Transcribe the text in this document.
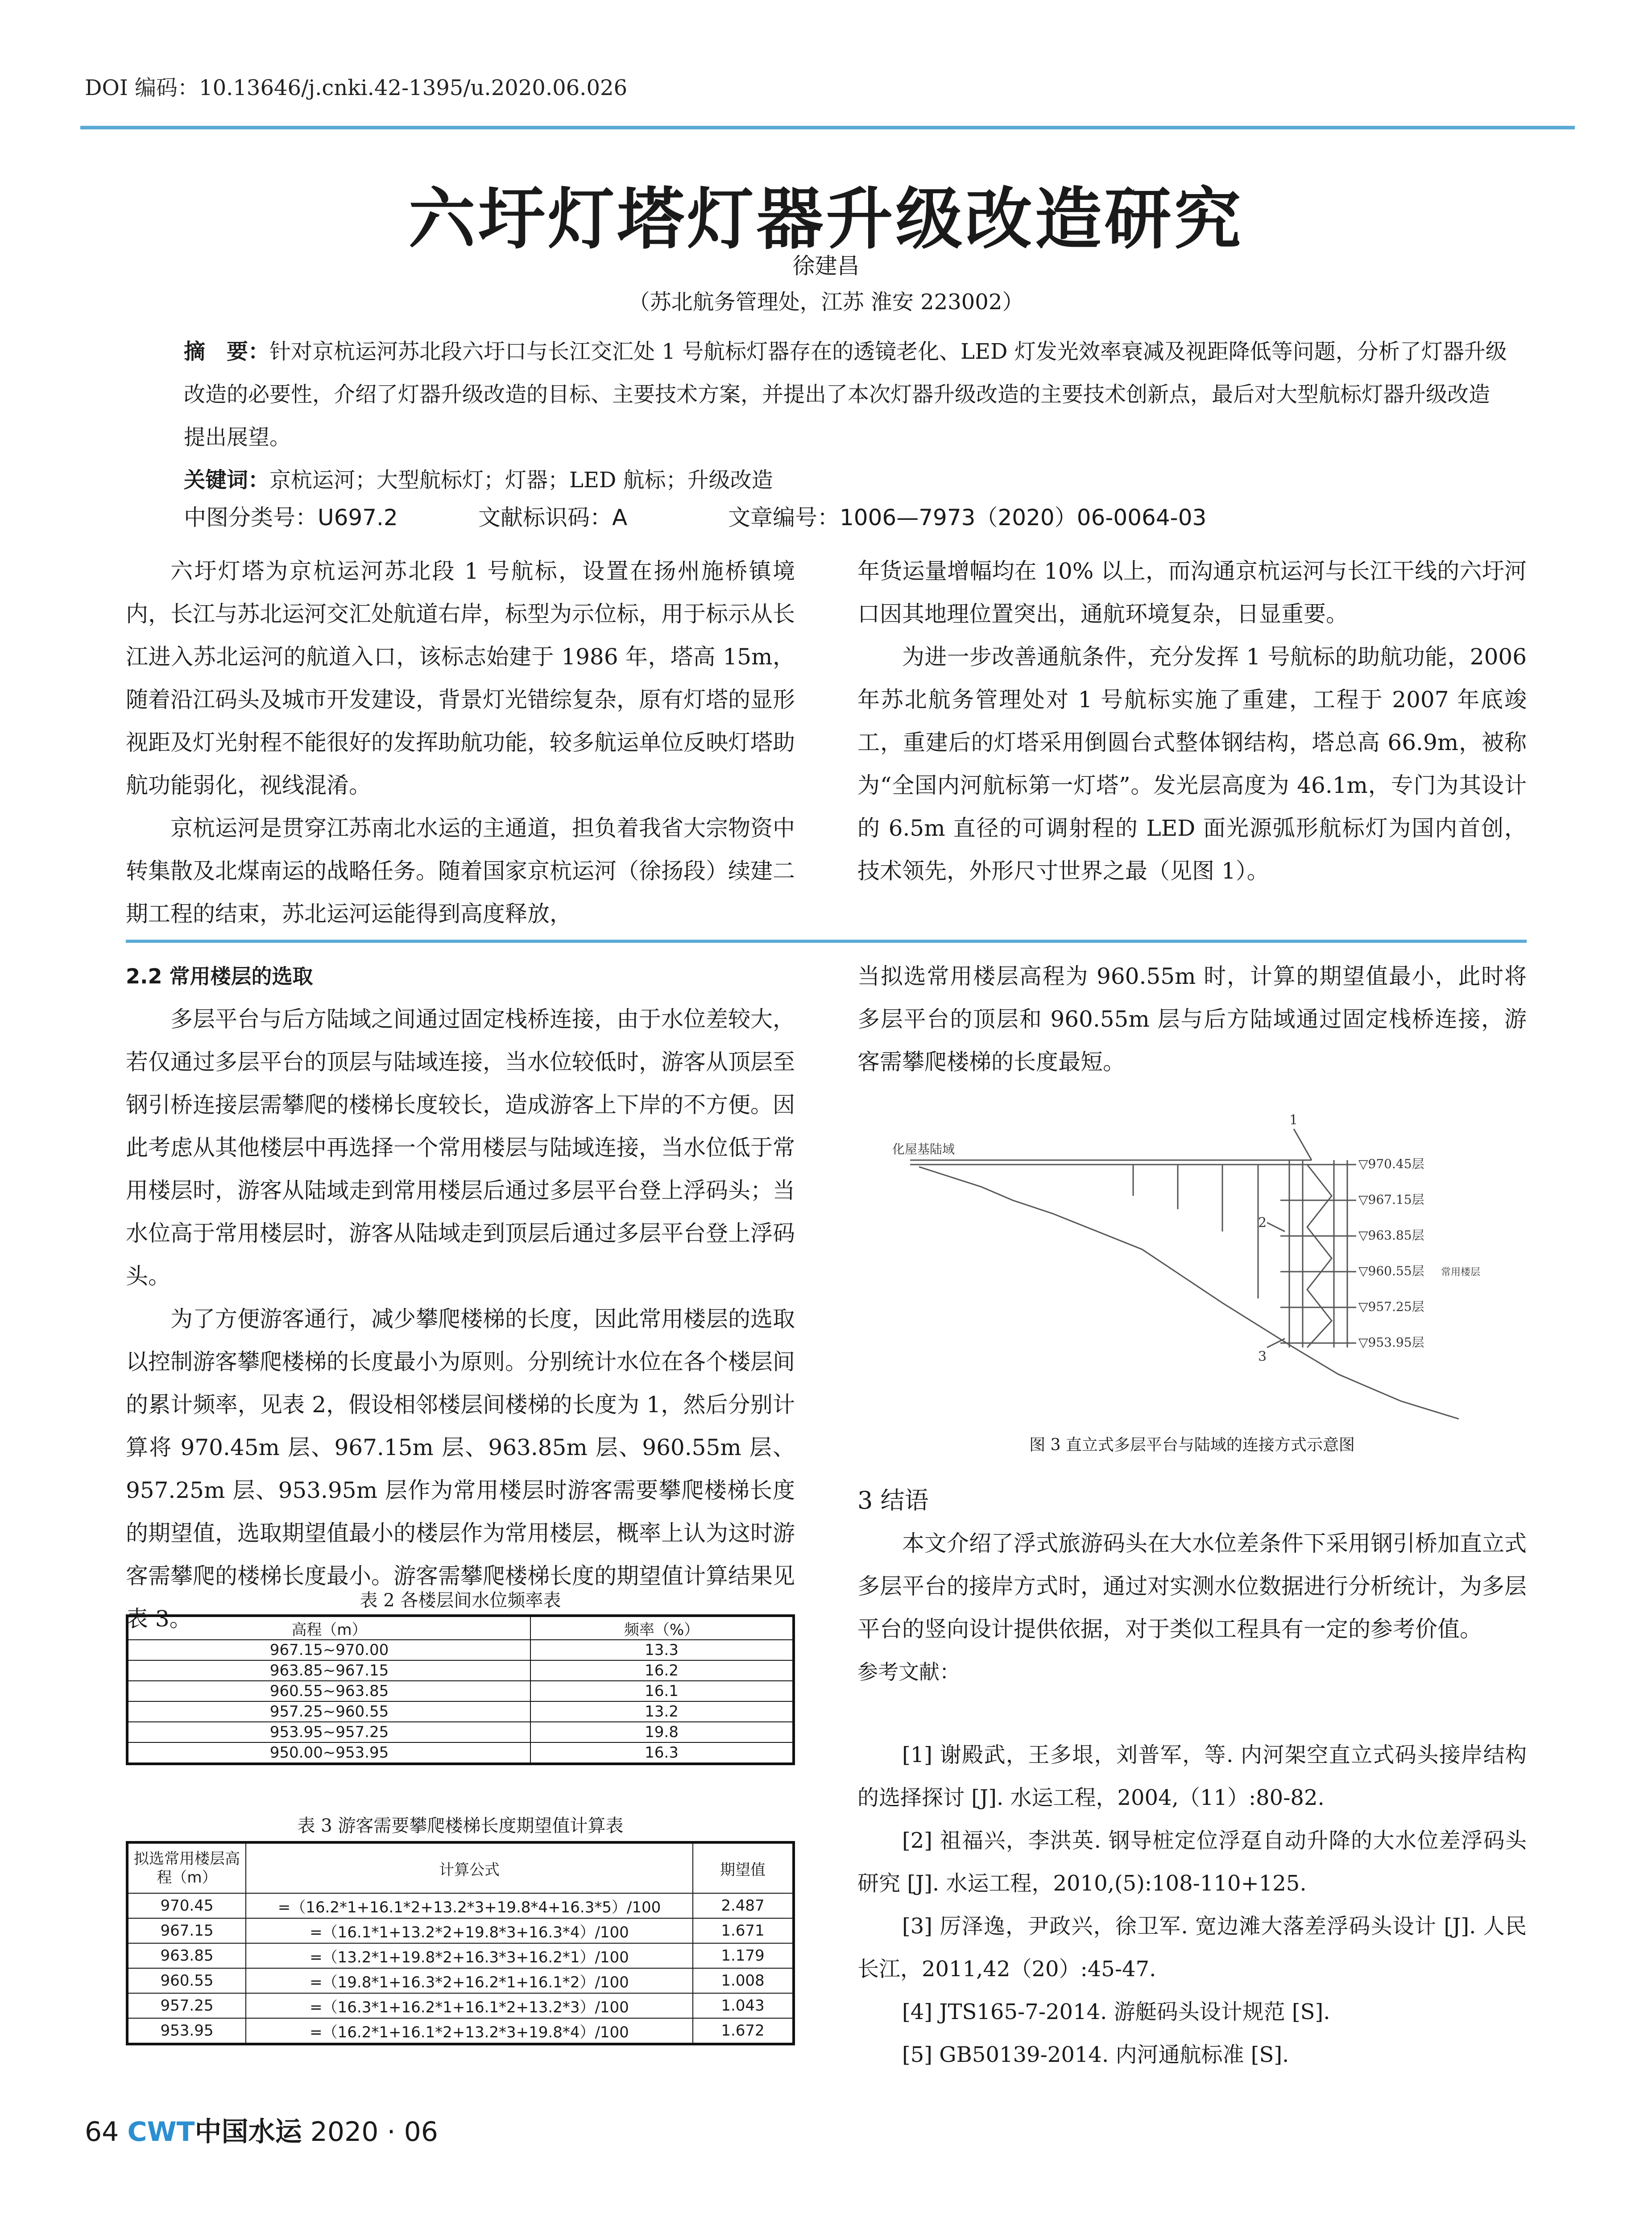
DOI 编码：10.13646/j.cnki.42-1395/u.2020.06.026
六圩灯塔灯器升级改造研究
徐建昌
（苏北航务管理处，江苏 淮安 223002）
摘　要：针对京杭运河苏北段六圩口与长江交汇处 1 号航标灯器存在的透镜老化、LED 灯发光效率衰减及视距降低等问题，分析了灯器升级改造的必要性，介绍了灯器升级改造的目标、主要技术方案，并提出了本次灯器升级改造的主要技术创新点，最后对大型航标灯器升级改造提出展望。
关键词：京杭运河；大型航标灯；灯器；LED 航标；升级改造
中图分类号：U697.2	文献标识码：A	文章编号：1006—7973（2020）06-0064-03

六圩灯塔为京杭运河苏北段 1 号航标，设置在扬州施桥镇境内，长江与苏北运河交汇处航道右岸，标型为示位标，用于标示从长江进入苏北运河的航道入口，该标志始建于 1986 年，塔高 15m，随着沿江码头及城市开发建设，背景灯光错综复杂，原有灯塔的显形视距及灯光射程不能很好的发挥助航功能，较多航运单位反映灯塔助航功能弱化，视线混淆。

京杭运河是贯穿江苏南北水运的主通道，担负着我省大宗物资中转集散及北煤南运的战略任务。随着国家京杭运河（徐扬段）续建二期工程的结束，苏北运河运能得到高度释放，

年货运量增幅均在 10% 以上，而沟通京杭运河与长江干线的六圩河口因其地理位置突出，通航环境复杂，日显重要。

为进一步改善通航条件，充分发挥 1 号航标的助航功能，2006 年苏北航务管理处对 1 号航标实施了重建，工程于 2007 年底竣工，重建后的灯塔采用倒圆台式整体钢结构，塔总高 66.9m，被称为“全国内河航标第一灯塔”。发光层高度为 46.1m，专门为其设计的 6.5m 直径的可调射程的 LED 面光源弧形航标灯为国内首创，技术领先，外形尺寸世界之最（见图 1）。

2.2 常用楼层的选取

多层平台与后方陆域之间通过固定栈桥连接，由于水位差较大，若仅通过多层平台的顶层与陆域连接，当水位较低时，游客从顶层至钢引桥连接层需攀爬的楼梯长度较长，造成游客上下岸的不方便。因此考虑从其他楼层中再选择一个常用楼层与陆域连接，当水位低于常用楼层时，游客从陆域走到常用楼层后通过多层平台登上浮码头；当水位高于常用楼层时，游客从陆域走到顶层后通过多层平台登上浮码头。

为了方便游客通行，减少攀爬楼梯的长度，因此常用楼层的选取以控制游客攀爬楼梯的长度最小为原则。分别统计水位在各个楼层间的累计频率，见表 2，假设相邻楼层间楼梯的长度为 1，然后分别计算将 970.45m 层、967.15m 层、963.85m 层、960.55m 层、957.25m 层、953.95m 层作为常用楼层时游客需要攀爬楼梯长度的期望值，选取期望值最小的楼层作为常用楼层，概率上认为这时游客需攀爬的楼梯长度最小。游客需攀爬楼梯长度的期望值计算结果见表 3。

表 2 各楼层间水位频率表
高程（m）	频率（%）
967.15~970.00	13.3
963.85~967.15	16.2
960.55~963.85	16.1
957.25~960.55	13.2
953.95~957.25	19.8
950.00~953.95	16.3
表 3 游客需要攀爬楼梯长度期望值计算表
拟选常用楼层高程（m）	计算公式	期望值
970.45	=（16.2*1+16.1*2+13.2*3+19.8*4+16.3*5）/100	2.487
967.15	=（16.1*1+13.2*2+19.8*3+16.3*4）/100	1.671
963.85	=（13.2*1+19.8*2+16.3*3+16.2*1）/100	1.179
960.55	=（19.8*1+16.3*2+16.2*1+16.1*2）/100	1.008
957.25	=（16.3*1+16.2*1+16.1*2+13.2*3）/100	1.043
953.95	=（16.2*1+16.1*2+13.2*3+19.8*4）/100	1.672

当拟选常用楼层高程为 960.55m 时，计算的期望值最小，此时将多层平台的顶层和 960.55m 层与后方陆域通过固定栈桥连接，游客需攀爬楼梯的长度最短。

化屋基陆域
1
2
3
▽970.45层
▽967.15层
▽963.85层
▽960.55层 常用楼层
▽957.25层
▽953.95层
图 3 直立式多层平台与陆域的连接方式示意图

3 结语

本文介绍了浮式旅游码头在大水位差条件下采用钢引桥加直立式多层平台的接岸方式时，通过对实测水位数据进行分析统计，为多层平台的竖向设计提供依据，对于类似工程具有一定的参考价值。

参考文献：

[1] 谢殿武，王多垠，刘普军，等. 内河架空直立式码头接岸结构的选择探讨 [J]. 水运工程，2004,（11）:80-82.

[2] 祖福兴，李洪英. 钢导桩定位浮趸自动升降的大水位差浮码头研究 [J]. 水运工程，2010,(5):108-110+125.

[3] 厉泽逸，尹政兴，徐卫军. 宽边滩大落差浮码头设计 [J]. 人民长江，2011,42（20）:45-47.

[4] JTS165-7-2014. 游艇码头设计规范 [S].

[5] GB50139-2014. 内河通航标准 [S].

64 CWT中国水运 2020 · 06
